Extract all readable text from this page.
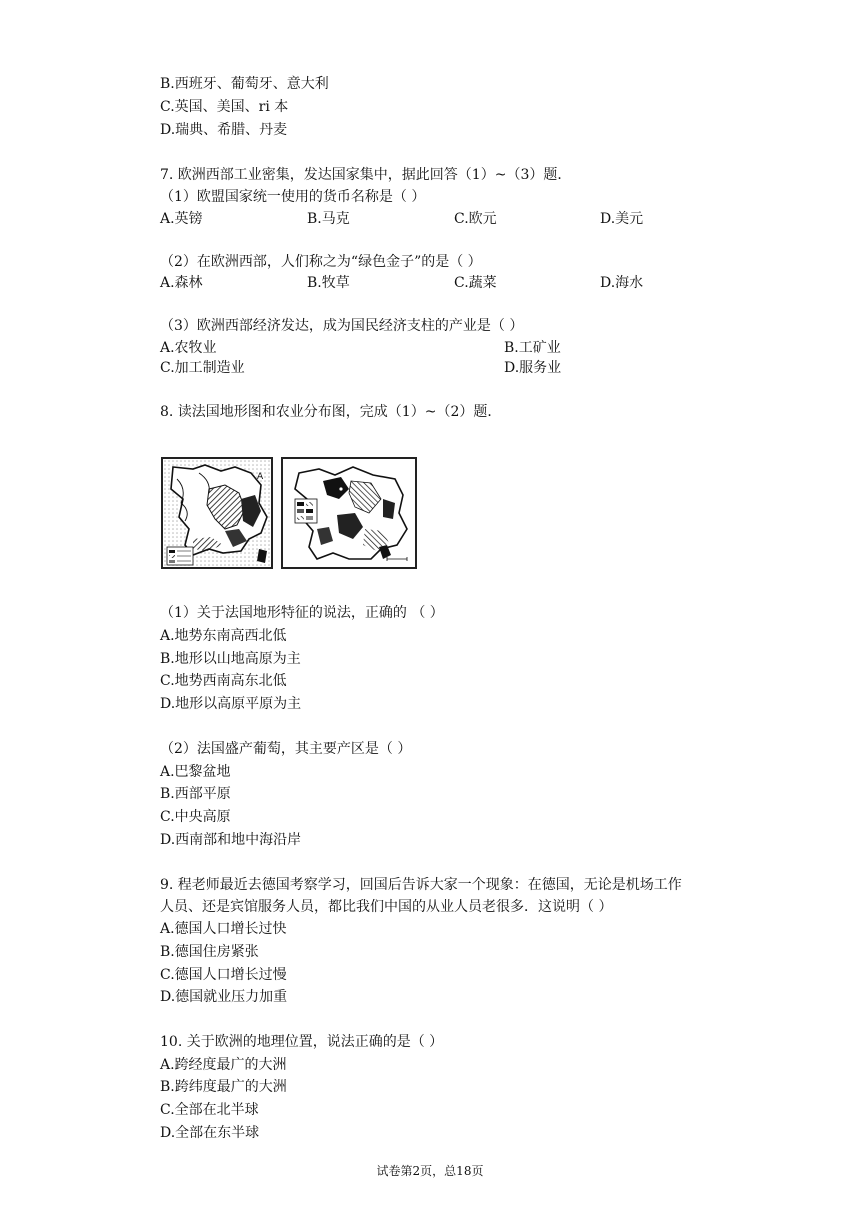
B.西班牙、葡萄牙、意大利
C.英国、美国、ri 本
D.瑞典、希腊、丹麦
7. 欧洲西部工业密集，发达国家集中，据此回答（1）~（3）题．
（1）欧盟国家统一使用的货币名称是（ ）
A.英镑	B.马克	C.欧元	D.美元
（2）在欧洲西部，人们称之为“绿色金子”的是（ ）
A.森林	B.牧草	C.蔬菜	D.海水
（3）欧洲西部经济发达，成为国民经济支柱的产业是（ ）
A.农牧业	B.工矿业
C.加工制造业	D.服务业
8. 读法国地形图和农业分布图，完成（1）~（2）题．
A
（1）关于法国地形特征的说法，正确的 （ ）
A.地势东南高西北低
B.地形以山地高原为主
C.地势西南高东北低
D.地形以高原平原为主
（2）法国盛产葡萄，其主要产区是（ ）
A.巴黎盆地
B.西部平原
C.中央高原
D.西南部和地中海沿岸
9. 程老师最近去德国考察学习，回国后告诉大家一个现象：在德国，无论是机场工作
人员、还是宾馆服务人员，都比我们中国的从业人员老很多．这说明（ ）
A.德国人口增长过快
B.德国住房紧张
C.德国人口增长过慢
D.德国就业压力加重
10. 关于欧洲的地理位置，说法正确的是（ ）
A.跨经度最广的大洲
B.跨纬度最广的大洲
C.全部在北半球
D.全部在东半球
试卷第2页，总18页
